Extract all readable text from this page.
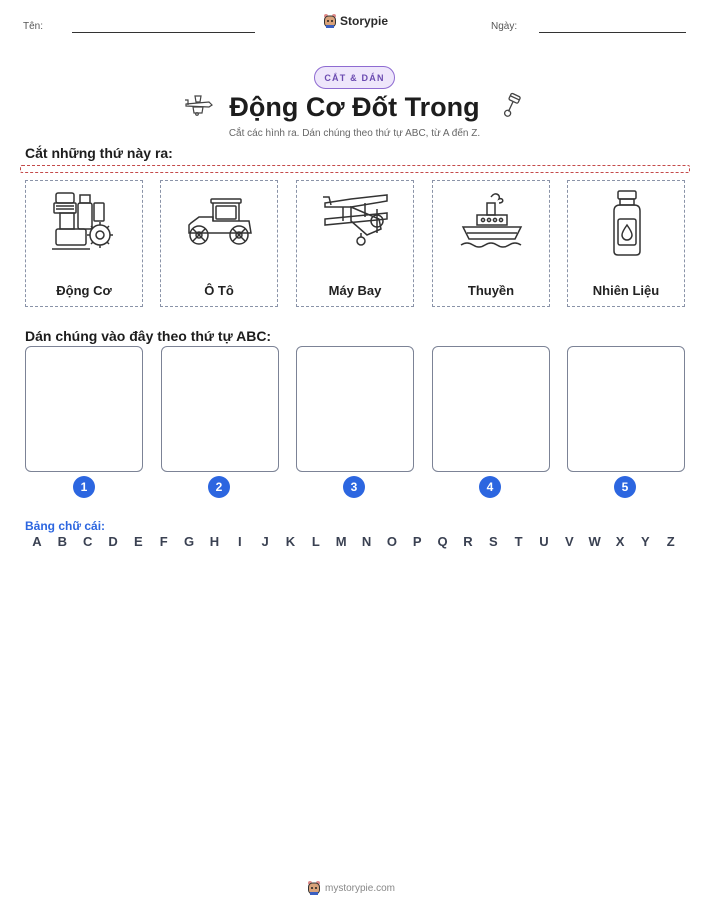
Tên:	Ngày:
Storypie
CẮT & DÁN
Động Cơ Đốt Trong
Cắt các hình ra. Dán chúng theo thứ tự ABC, từ A đến Z.
Cắt những thứ này ra:
Động Cơ	Ô Tô	Máy Bay	Thuyền	Nhiên Liệu
Dán chúng vào đây theo thứ tự ABC:
1	2	3	4	5
Bảng chữ cái:
A	B	C	D	E	F	G	H	I	J	K	L	M	N	O	P	Q	R	S	T	U	V	W	X	Y	Z
mystorypie.com
